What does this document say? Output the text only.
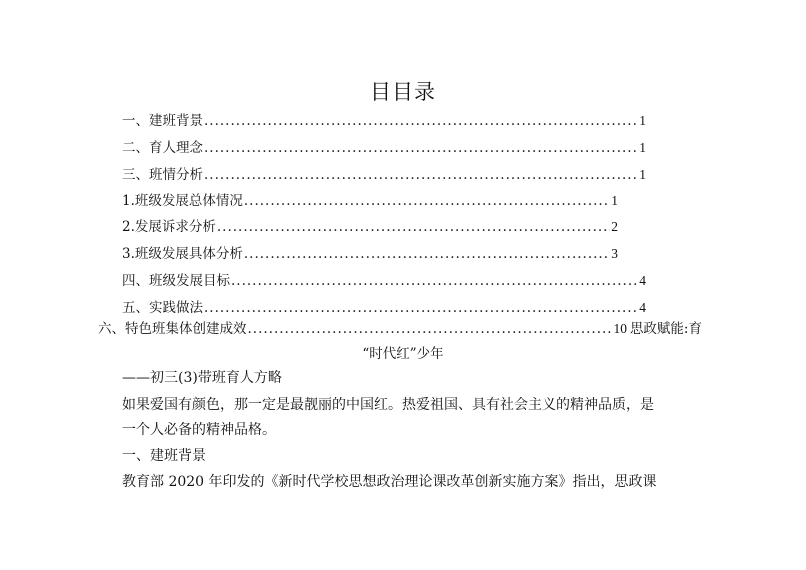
目目录
一、建班背景 .....	1
二、育人理念 .....	1
三、班情分析 .....	1
1.班级发展总体情况 .....	1
2.发展诉求分析 .....	2
3.班级发展具体分析 .....	3
四、班级发展目标 .....	4
五、实践做法 .....	4
六、特色班集体创建成效 .....	10 思政赋能:育
“时代红”少年
——初三(3)带班育人方略
如果爱国有颜色，那一定是最靓丽的中国红。热爱祖国、具有社会主义的精神品质，是
一个人必备的精神品格。
一、建班背景
教育部 2020 年印发的《新时代学校思想政治理论课改革创新实施方案》指出，思政课
